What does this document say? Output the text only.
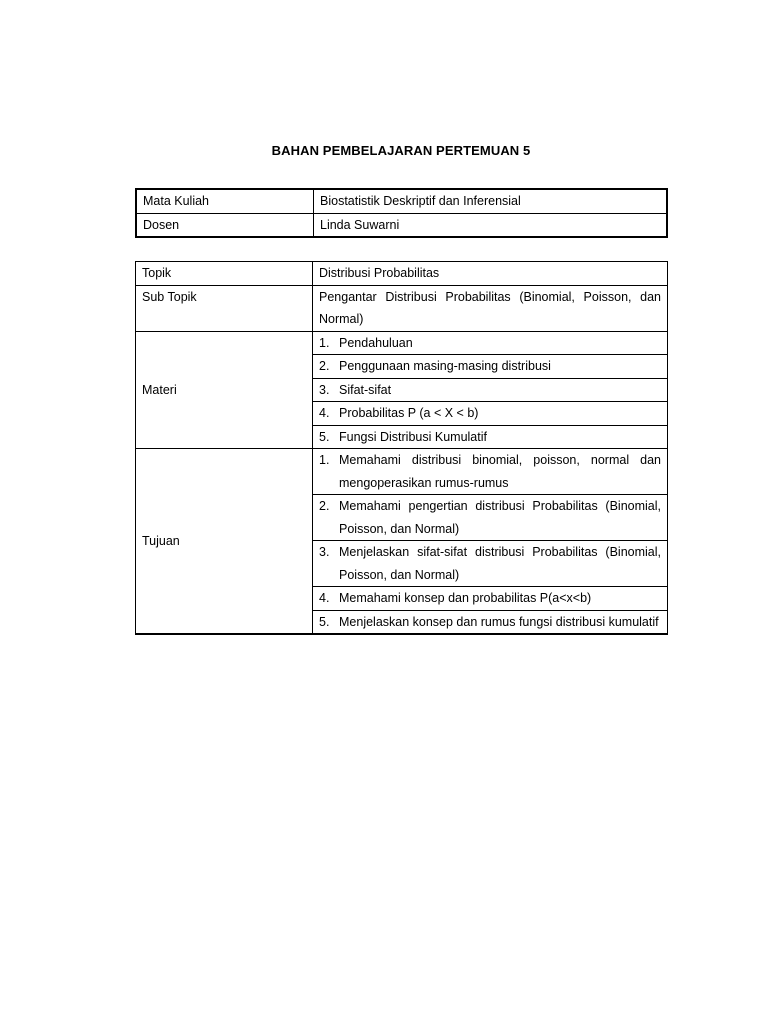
BAHAN PEMBELAJARAN PERTEMUAN 5
Mata Kuliah	Biostatistik Deskriptif dan Inferensial
Dosen	Linda Suwarni
Topik	Distribusi Probabilitas
Sub Topik	Pengantar Distribusi Probabilitas (Binomial, Poisson, dan Normal)
Materi	1. Pendahuluan

	2. Penggunaan masing-masing distribusi

	3. Sifat-sifat

	4. Probabilitas P (a < X < b)

	5. Fungsi Distribusi Kumulatif

Tujuan	1. Memahami distribusi binomial, poisson, normal dan mengoperasikan rumus-rumus

	2. Memahami pengertian distribusi Probabilitas (Binomial, Poisson, dan Normal)

	3. Menjelaskan sifat-sifat distribusi Probabilitas (Binomial, Poisson, dan Normal)

	4. Memahami konsep dan probabilitas P(a<x<b)

	5. Menjelaskan konsep dan rumus fungsi distribusi kumulatif
